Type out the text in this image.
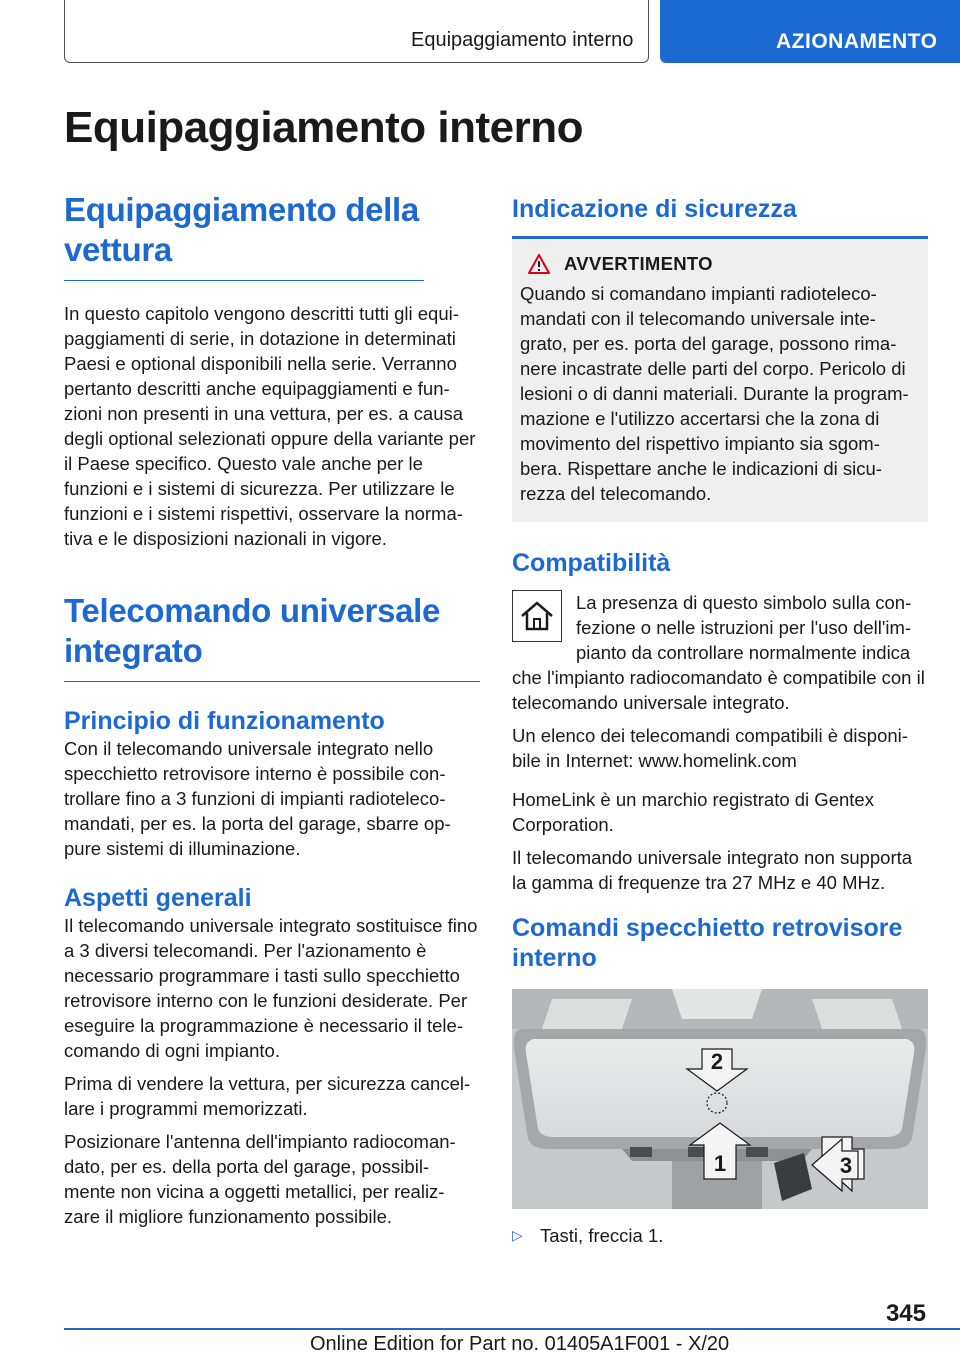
Equipaggiamento interno	AZIONAMENTO
Equipaggiamento interno
Equipaggiamento della vettura

In questo capitolo vengono descritti tutti gli equi-paggiamenti di serie, in dotazione in determinati Paesi e optional disponibili nella serie. Verranno pertanto descritti anche equipaggiamenti e fun-zioni non presenti in una vettura, per es. a causa degli optional selezionati oppure della variante per il Paese specifico. Questo vale anche per le funzioni e i sistemi di sicurezza. Per utilizzare le funzioni e i sistemi rispettivi, osservare la norma-tiva e le disposizioni nazionali in vigore.

Telecomando universale integrato
Principio di funzionamento

Con il telecomando universale integrato nello specchietto retrovisore interno è possibile con-trollare fino a 3 funzioni di impianti radioteleco-mandati, per es. la porta del garage, sbarre op-pure sistemi di illuminazione.

Aspetti generali

Il telecomando universale integrato sostituisce fino a 3 diversi telecomandi. Per l'azionamento è necessario programmare i tasti sullo specchietto retrovisore interno con le funzioni desiderate. Per eseguire la programmazione è necessario il tele-comando di ogni impianto.

Prima di vendere la vettura, per sicurezza cancel-lare i programmi memorizzati.

Posizionare l'antenna dell'impianto radiocoman-dato, per es. della porta del garage, possibil-mente non vicina a oggetti metallici, per realiz-zare il migliore funzionamento possibile.

Indicazione di sicurezza
AVVERTIMENTO

Quando si comandano impianti radioteleco-mandati con il telecomando universale inte-grato, per es. porta del garage, possono rima-nere incastrate delle parti del corpo. Pericolo di lesioni o di danni materiali. Durante la program-mazione e l'utilizzo accertarsi che la zona di movimento del rispettivo impianto sia sgom-bera. Rispettare anche le indicazioni di sicu-rezza del telecomando.

Compatibilità

La presenza di questo simbolo sulla con-fezione o nelle istruzioni per l'uso dell'im-pianto da controllare normalmente indica che l'impianto radiocomandato è compatibile con il telecomando universale integrato.

Un elenco dei telecomandi compatibili è disponi-bile in Internet: www.homelink.com

HomeLink è un marchio registrato di Gentex Corporation.

Il telecomando universale integrato non supporta la gamma di frequenze tra 27 MHz e 40 MHz.

Comandi specchietto retrovisore interno
2
1	3
▷ Tasti, freccia 1.
345
Online Edition for Part no. 01405A1F001 - X/20
